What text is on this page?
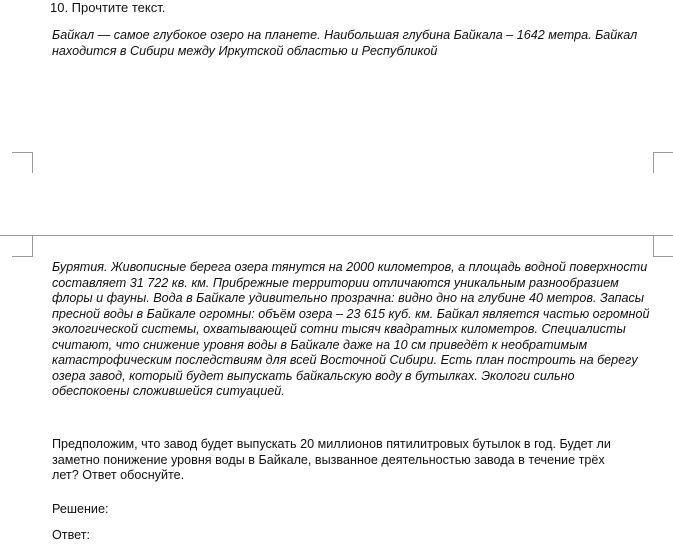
10. Прочтите текст.
Байкал — самое глубокое озеро на планете. Наибольшая глубина Байкала – 1642 метра. Байкал находится в Сибири между Иркутской областью и Республикой
Бурятия. Живописные берега озера тянутся на 2000 километров, а площадь водной поверхности составляет 31 722 кв. км. Прибрежные территории отличаются уникальным разнообразием флоры и фауны. Вода в Байкале удивительно прозрачна: видно дно на глубине 40 метров. Запасы пресной воды в Байкале огромны: объём озера – 23 615 куб. км. Байкал является частью огромной экологической системы, охватывающей сотни тысяч квадратных километров. Специалисты считают, что снижение уровня воды в Байкале даже на 10 см приведёт к необратимым катастрофическим последствиям для всей Восточной Сибири. Есть план построить на берегу озера завод, который будет выпускать байкальскую воду в бутылках. Экологи сильно обеспокоены сложившейся ситуацией.
Предположим, что завод будет выпускать 20 миллионов пятилитровых бутылок в год. Будет ли заметно понижение уровня воды в Байкале, вызванное деятельностью завода в течение трёх лет? Ответ обоснуйте.
Решение:
Ответ:
